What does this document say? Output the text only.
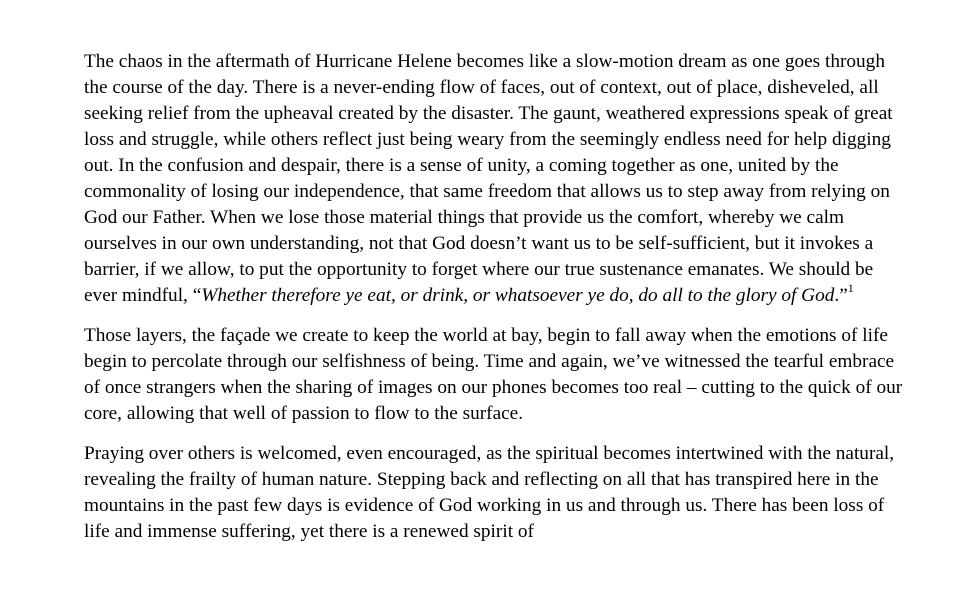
The chaos in the aftermath of Hurricane Helene becomes like a slow-motion dream as one goes through the course of the day. There is a never-ending flow of faces, out of context, out of place, disheveled, all seeking relief from the upheaval created by the disaster. The gaunt, weathered expressions speak of great loss and struggle, while others reflect just being weary from the seemingly endless need for help digging out. In the confusion and despair, there is a sense of unity, a coming together as one, united by the commonality of losing our independence, that same freedom that allows us to step away from relying on God our Father. When we lose those material things that provide us the comfort, whereby we calm ourselves in our own understanding, not that God doesn’t want us to be self-sufficient, but it invokes a barrier, if we allow, to put the opportunity to forget where our true sustenance emanates. We should be ever mindful, “Whether therefore ye eat, or drink, or whatsoever ye do, do all to the glory of God.”$^1$

Those layers, the façade we create to keep the world at bay, begin to fall away when the emotions of life begin to percolate through our selfishness of being. Time and again, we’ve witnessed the tearful embrace of once strangers when the sharing of images on our phones becomes too real – cutting to the quick of our core, allowing that well of passion to flow to the surface.

Praying over others is welcomed, even encouraged, as the spiritual becomes intertwined with the natural, revealing the frailty of human nature. Stepping back and reflecting on all that has transpired here in the mountains in the past few days is evidence of God working in us and through us. There has been loss of life and immense suffering, yet there is a renewed spirit of
